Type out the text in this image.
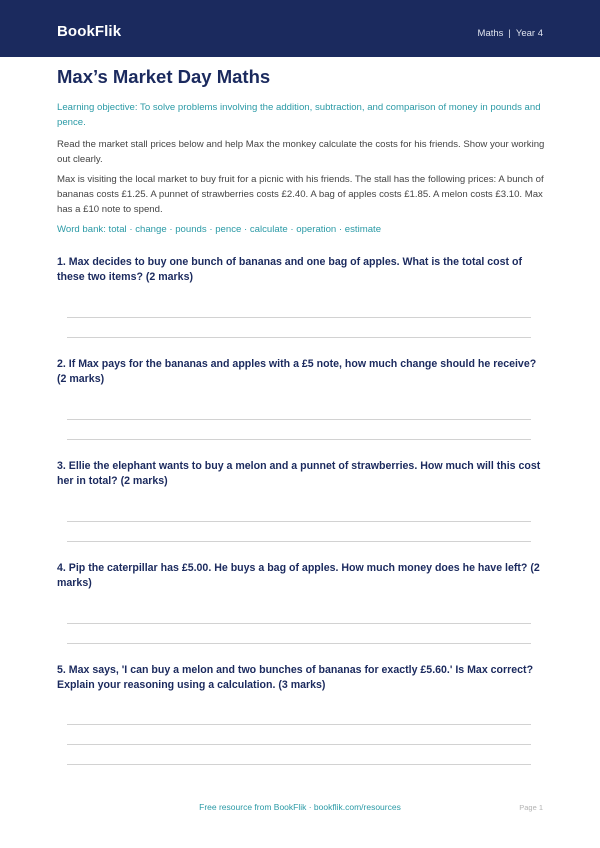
BookFlik	Maths | Year 4
Max’s Market Day Maths

Learning objective: To solve problems involving the addition, subtraction, and comparison of money in pounds and pence.

Read the market stall prices below and help Max the monkey calculate the costs for his friends. Show your working out clearly.

Max is visiting the local market to buy fruit for a picnic with his friends. The stall has the following prices: A bunch of bananas costs £1.25. A punnet of strawberries costs £2.40. A bag of apples costs £1.85. A melon costs £3.10. Max has a £10 note to spend.

Word bank: total · change · pounds · pence · calculate · operation · estimate

1. Max decides to buy one bunch of bananas and one bag of apples. What is the total cost of these two items? (2 marks)

2. If Max pays for the bananas and apples with a £5 note, how much change should he receive? (2 marks)

3. Ellie the elephant wants to buy a melon and a punnet of strawberries. How much will this cost her in total? (2 marks)

4. Pip the caterpillar has £5.00. He buys a bag of apples. How much money does he have left? (2 marks)

5. Max says, 'I can buy a melon and two bunches of bananas for exactly £5.60.' Is Max correct? Explain your reasoning using a calculation. (3 marks)

Free resource from BookFlik · bookflik.com/resources	Page 1
